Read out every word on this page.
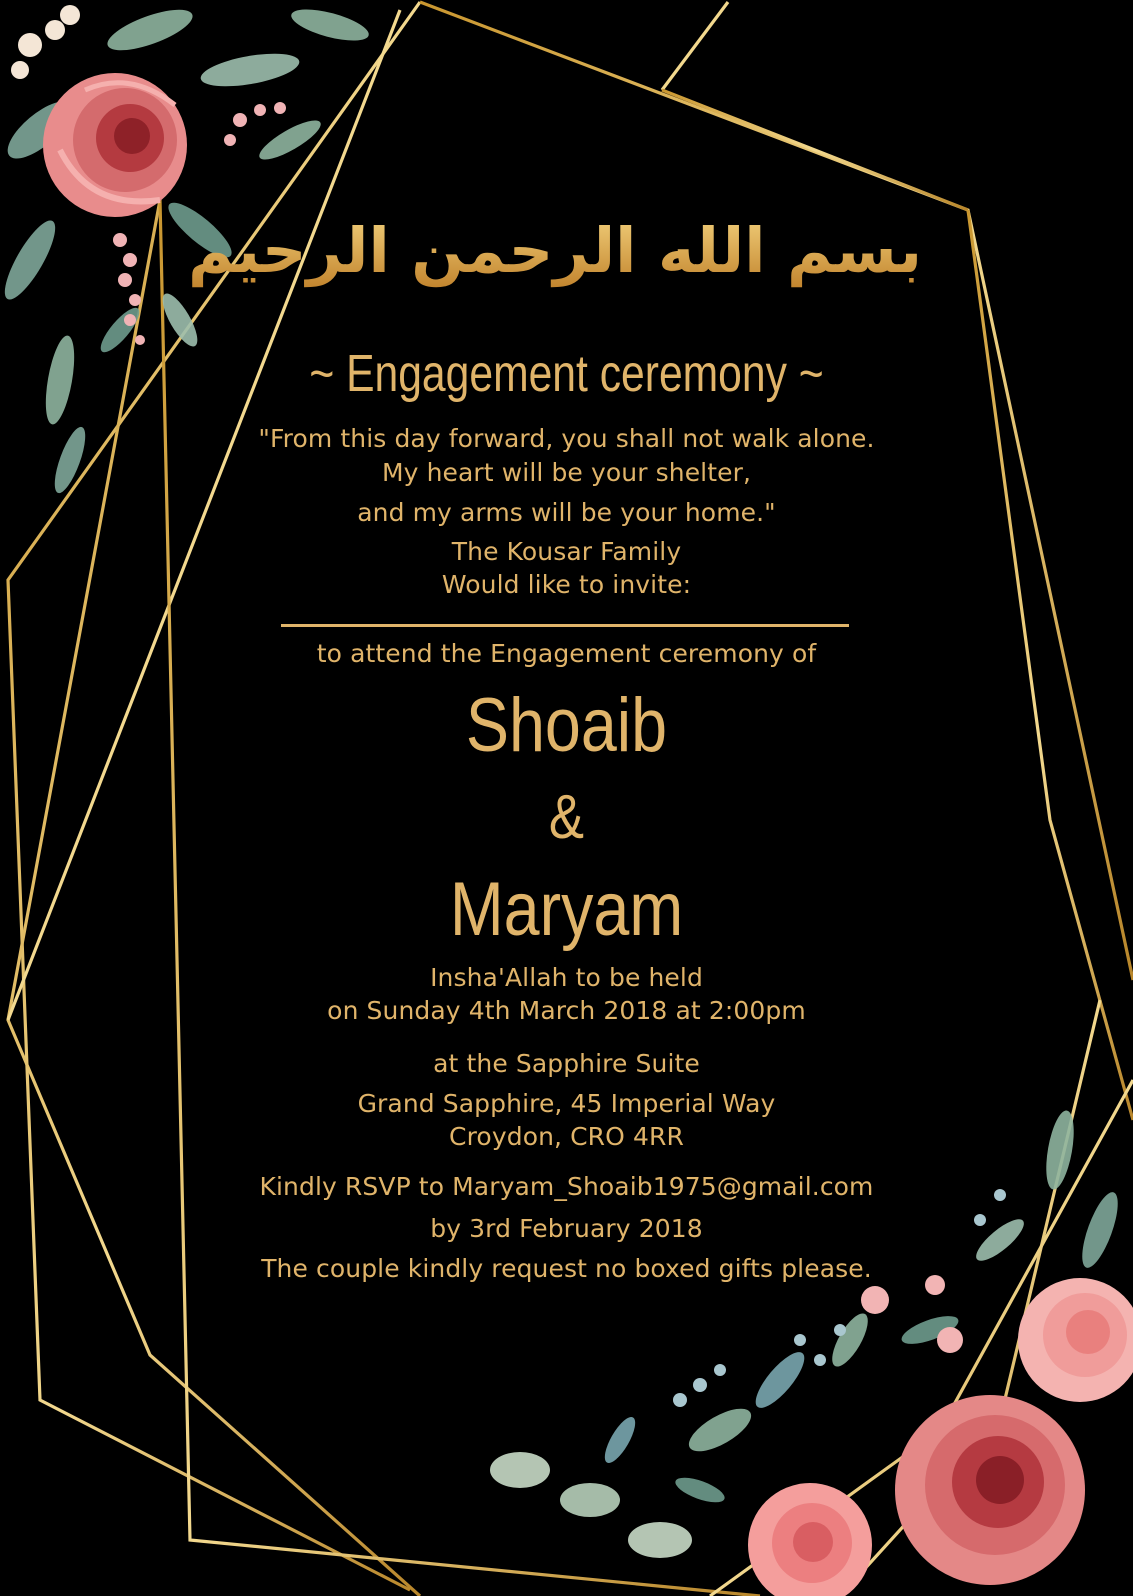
بسم الله الرحمن الرحيم
~ Engagement ceremony ~
"From this day forward, you shall not walk alone.
My heart will be your shelter,
and my arms will be your home."
The Kousar Family
Would like to invite:
to attend the Engagement ceremony of
Shoaib
&
Maryam
Insha'Allah to be held
on Sunday 4th March 2018 at 2:00pm
at the Sapphire Suite
Grand Sapphire, 45 Imperial Way
Croydon, CRO 4RR
Kindly RSVP to Maryam_Shoaib1975@gmail.com
by 3rd February 2018
The couple kindly request no boxed gifts please.
